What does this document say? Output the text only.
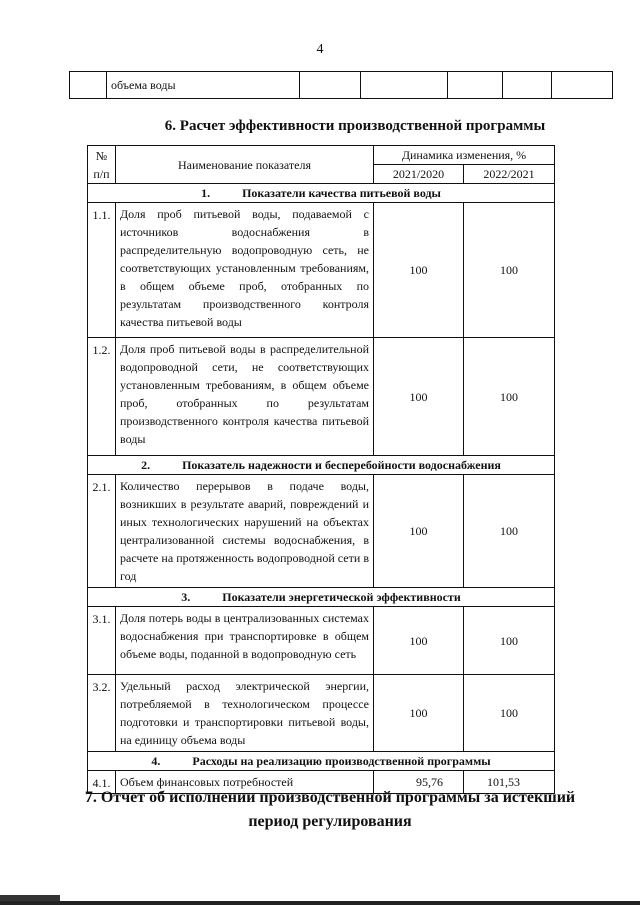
4
	объема воды					
6. Расчет эффективности производственной программы
№ п/п	Наименование показателя	Динамика изменения, %	
		2021/2020	2022/2021
1. Показатели качества питьевой воды			
1.1.	Доля проб питьевой воды, подаваемой с источников водоснабжения в распределительную водопроводную сеть, не соответствующих установленным требованиям, в общем объеме проб, отобранных по результатам производственного контроля качества питьевой воды	100	100
1.2.	Доля проб питьевой воды в распределительной водопроводной сети, не соответствующих установленным требованиям, в общем объеме проб, отобранных по результатам производственного контроля качества питьевой воды	100	100
2. Показатель надежности и бесперебойности водоснабжения			
2.1.	Количество перерывов в подаче воды, возникших в результате аварий, повреждений и иных технологических нарушений на объектах централизованной системы водоснабжения, в расчете на протяженность водопроводной сети в год	100	100
3. Показатели энергетической эффективности			
3.1.	Доля потерь воды в централизованных системах водоснабжения при транспортировке в общем объеме воды, поданной в водопроводную сеть	100	100
3.2.	Удельный расход электрической энергии, потребляемой в технологическом процессе подготовки и транспортировки питьевой воды, на единицу объема воды	100	100
4. Расходы на реализацию производственной программы			
4.1.	Объем финансовых потребностей	95,76	101,53
7. Отчет об исполнении производственной программы за истекший период регулирования
